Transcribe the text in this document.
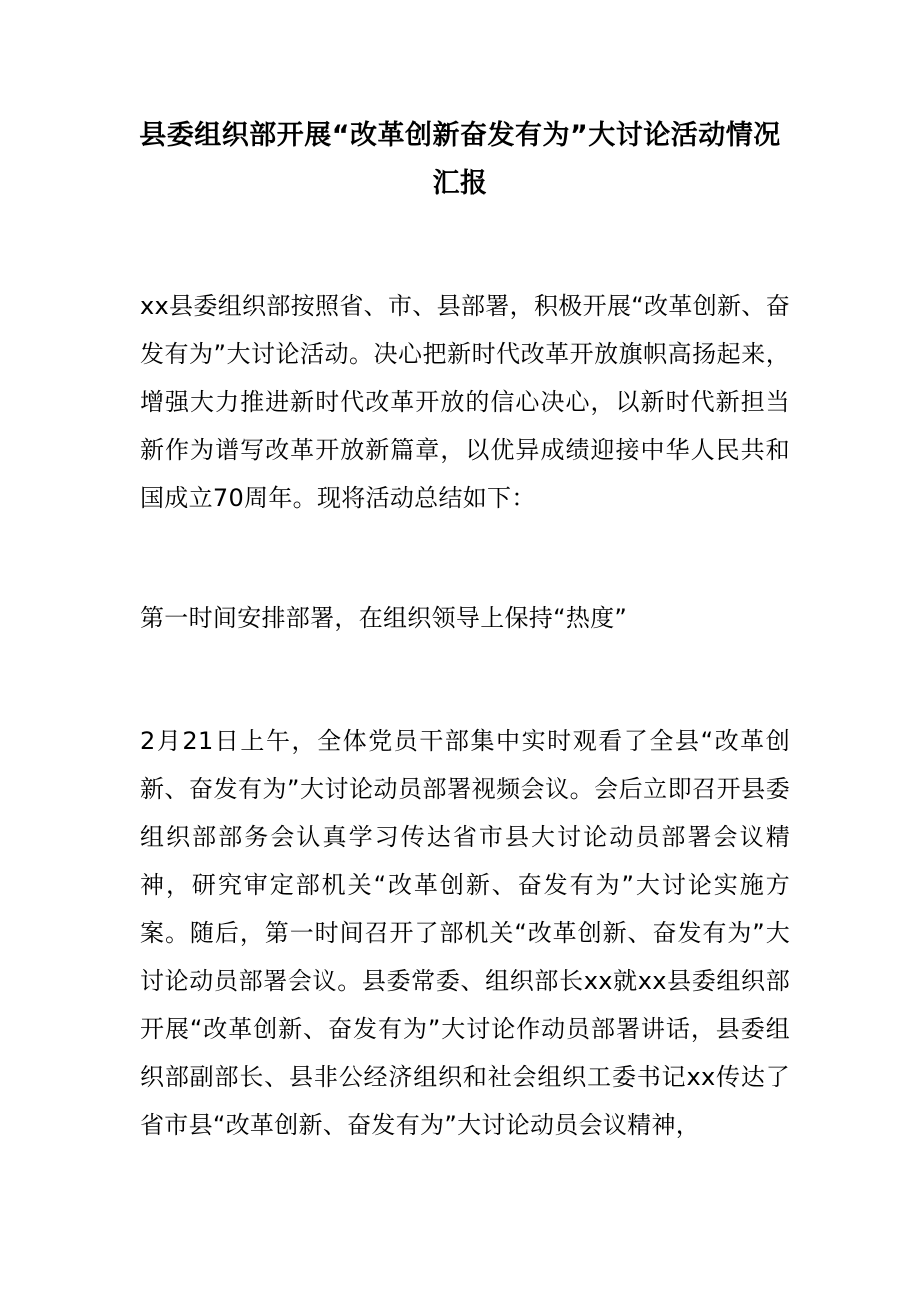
县委组织部开展“改革创新奋发有为”大讨论活动情况汇报

xx县委组织部按照省、市、县部署，积极开展“改革创新、奋发有为”大讨论活动。决心把新时代改革开放旗帜高扬起来，增强大力推进新时代改革开放的信心决心，以新时代新担当新作为谱写改革开放新篇章，以优异成绩迎接中华人民共和国成立70周年。现将活动总结如下：

第一时间安排部署，在组织领导上保持“热度”

2月21日上午，全体党员干部集中实时观看了全县“改革创新、奋发有为”大讨论动员部署视频会议。会后立即召开县委组织部部务会认真学习传达省市县大讨论动员部署会议精神，研究审定部机关“改革创新、奋发有为”大讨论实施方案。随后，第一时间召开了部机关“改革创新、奋发有为”大讨论动员部署会议。县委常委、组织部长xx就xx县委组织部开展“改革创新、奋发有为”大讨论作动员部署讲话，县委组织部副部长、县非公经济组织和社会组织工委书记xx传达了省市县“改革创新、奋发有为”大讨论动员会议精神，
